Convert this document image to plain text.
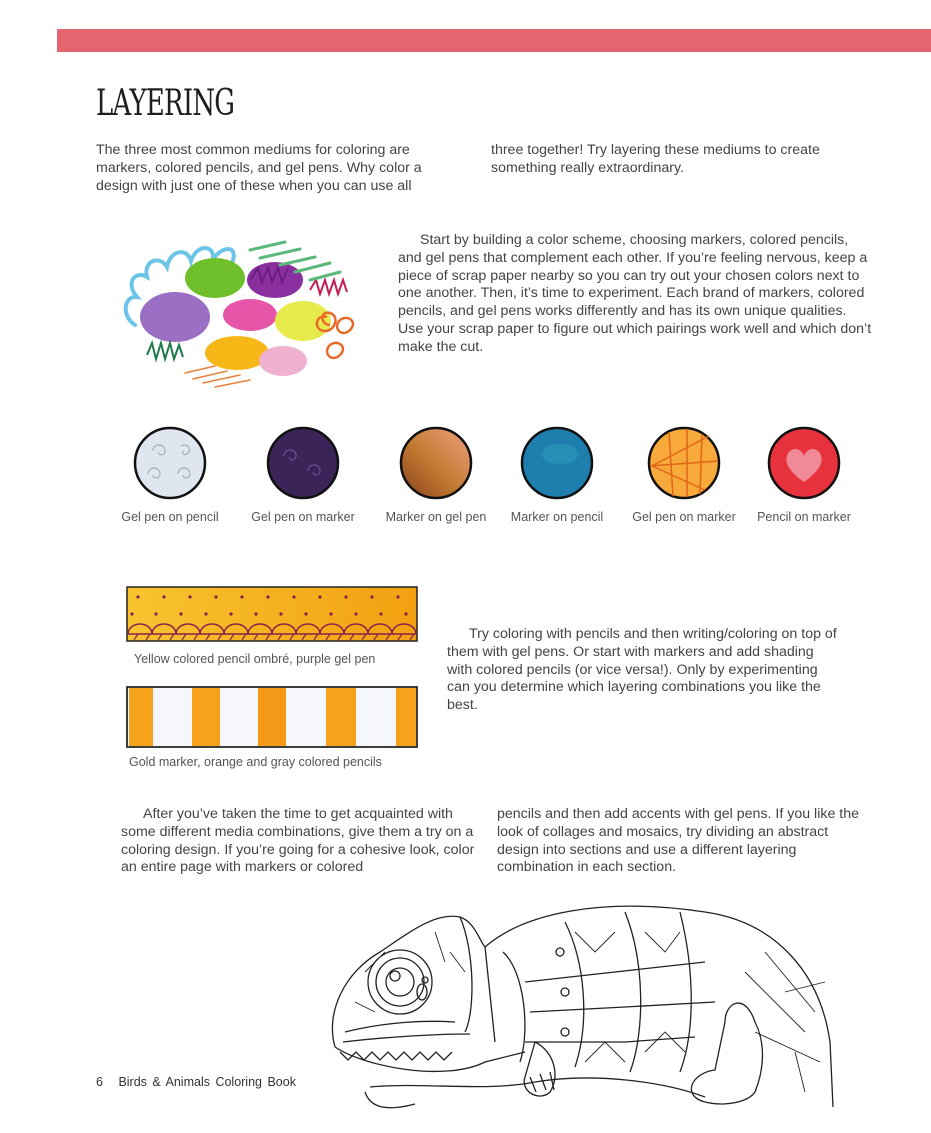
LAYERING

The three most common mediums for coloring are markers, colored pencils, and gel pens. Why color a design with just one of these when you can use all

three together! Try layering these mediums to create something really extraordinary.

Start by building a color scheme, choosing markers, colored pencils, and gel pens that complement each other. If you’re feeling nervous, keep a piece of scrap paper nearby so you can try out your chosen colors next to one another. Then, it’s time to experiment. Each brand of markers, colored pencils, and gel pens works differently and has its own unique qualities. Use your scrap paper to figure out which pairings work well and which don’t make the cut.

Gel pen on pencil	Gel pen on marker	Marker on gel pen	Marker on pencil	Gel pen on marker	Pencil on marker
Yellow colored pencil ombré, purple gel pen
Gold marker, orange and gray colored pencils

Try coloring with pencils and then writing/coloring on top of them with gel pens. Or start with markers and add shading with colored pencils (or vice versa!). Only by experimenting can you determine which layering combinations you like the best.

After you’ve taken the time to get acquainted with some different media combinations, give them a try on a coloring design. If you’re going for a cohesive look, color an entire page with markers or colored

pencils and then add accents with gel pens. If you like the look of collages and mosaics, try dividing an abstract design into sections and use a different layering combination in each section.

6 Birds & Animals Coloring Book
